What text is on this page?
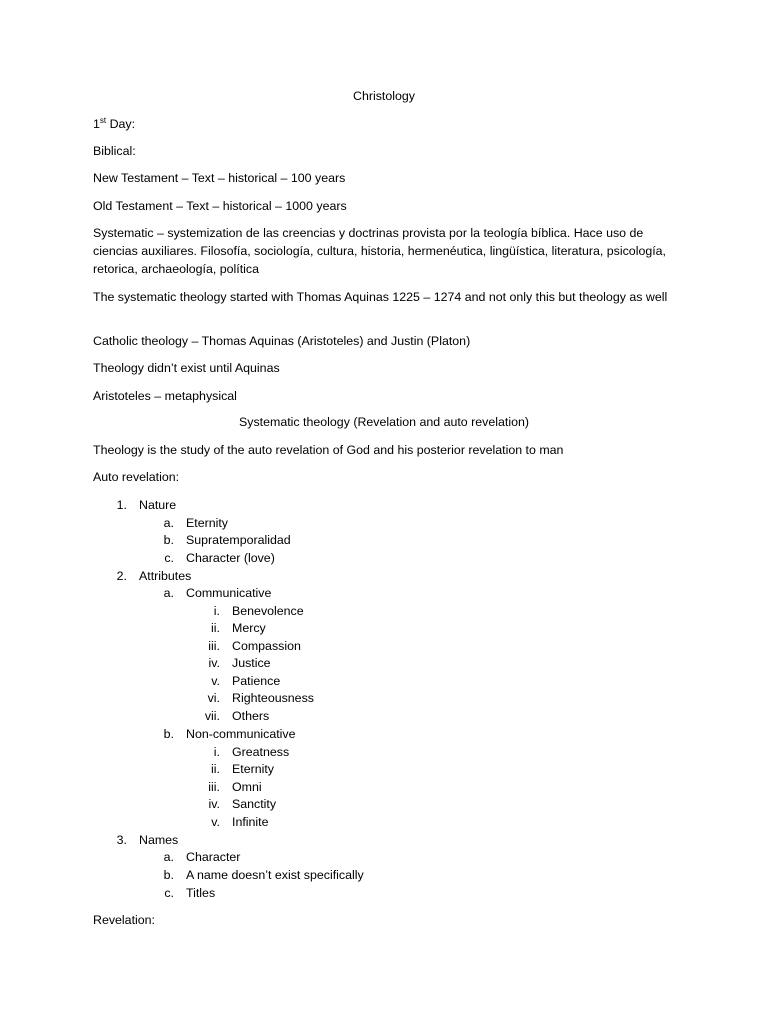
Christology
1st Day:
Biblical:
New Testament – Text – historical – 100 years
Old Testament – Text – historical – 1000 years
Systematic – systemization de las creencias y doctrinas provista por la teología bíblica. Hace uso de ciencias auxiliares. Filosofía, sociología, cultura, historia, hermenéutica, lingüística, literatura, psicología, retorica, archaeología, política
The systematic theology started with Thomas Aquinas 1225 – 1274 and not only this but theology as well
Catholic theology – Thomas Aquinas (Aristoteles) and Justin (Platon)
Theology didn’t exist until Aquinas
Aristoteles – metaphysical
Systematic theology (Revelation and auto revelation)
Theology is the study of the auto revelation of God and his posterior revelation to man
Auto revelation:
1. Nature
a. Eternity
b. Supratemporalidad
c. Character (love)
2. Attributes
a. Communicative
i. Benevolence
ii. Mercy
iii. Compassion
iv. Justice
v. Patience
vi. Righteousness
vii. Others
b. Non-communicative
i. Greatness
ii. Eternity
iii. Omni
iv. Sanctity
v. Infinite
3. Names
a. Character
b. A name doesn’t exist specifically
c. Titles
Revelation:
